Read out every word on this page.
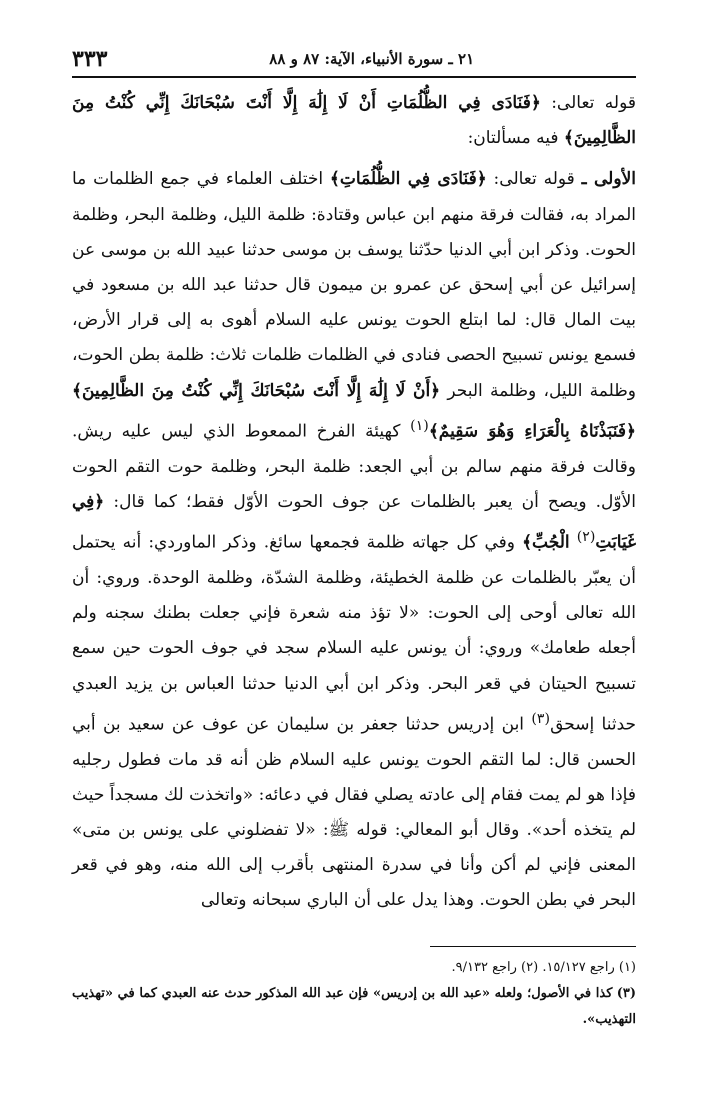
٢١ ـ سورة الأنبياء، الآية: ٨٧ و ٨٨
٣٣٣

قوله تعالى: ﴿فَنَادَى فِي الظُّلُمَاتِ أَنْ لَا إِلَٰهَ إِلَّا أَنْتَ سُبْحَانَكَ إِنِّي كُنْتُ مِنَ الظَّالِمِينَ﴾ فيه مسألتان:

الأولى ـ قوله تعالى: ﴿فَنَادَى فِي الظُّلُمَاتِ﴾ اختلف العلماء في جمع الظلمات ما المراد به، فقالت فرقة منهم ابن عباس وقتادة: ظلمة الليل، وظلمة البحر، وظلمة الحوت. وذكر ابن أبي الدنيا حدّثنا يوسف بن موسى حدثنا عبيد الله بن موسى عن إسرائيل عن أبي إسحق عن عمرو بن ميمون قال حدثنا عبد الله بن مسعود في بيت المال قال: لما ابتلع الحوت يونس عليه السلام أهوى به إلى قرار الأرض، فسمع يونس تسبيح الحصى فنادى في الظلمات ظلمات ثلاث: ظلمة بطن الحوت، وظلمة الليل، وظلمة البحر ﴿أَنْ لَا إِلَٰهَ إِلَّا أَنْتَ سُبْحَانَكَ إِنِّي كُنْتُ مِنَ الظَّالِمِينَ﴾ ﴿فَنَبَذْنَاهُ بِالْعَرَاءِ وَهُوَ سَقِيمٌ﴾$^{(١)}$ كهيئة الفرخ الممعوط الذي ليس عليه ريش. وقالت فرقة منهم سالم بن أبي الجعد: ظلمة البحر، وظلمة حوت التقم الحوت الأوّل. ويصح أن يعبر بالظلمات عن جوف الحوت الأوّل فقط؛ كما قال: ﴿فِي غَيَابَتِ$^{(٢)}$ الْجُبِّ﴾ وفي كل جهاته ظلمة فجمعها سائغ. وذكر الماوردي: أنه يحتمل أن يعبّر بالظلمات عن ظلمة الخطيئة، وظلمة الشدّة، وظلمة الوحدة. وروي: أن الله تعالى أوحى إلى الحوت: «لا تؤذ منه شعرة فإني جعلت بطنك سجنه ولم أجعله طعامك» وروي: أن يونس عليه السلام سجد في جوف الحوت حين سمع تسبيح الحيتان في قعر البحر. وذكر ابن أبي الدنيا حدثنا العباس بن يزيد العبدي حدثنا إسحق$^{(٣)}$ ابن إدريس حدثنا جعفر بن سليمان عن عوف عن سعيد بن أبي الحسن قال: لما التقم الحوت يونس عليه السلام ظن أنه قد مات فطول رجليه فإذا هو لم يمت فقام إلى عادته يصلي فقال في دعائه: «واتخذت لك مسجداً حيث لم يتخذه أحد». وقال أبو المعالي: قوله ﷺ: «لا تفضلوني على يونس بن متى» المعنى فإني لم أكن وأنا في سدرة المنتهى بأقرب إلى الله منه، وهو في قعر البحر في بطن الحوت. وهذا يدل على أن الباري سبحانه وتعالى

(١) راجع ١٥/١٢٧. (٢) راجع ٩/١٣٢.

(٣) كذا في الأصول؛ ولعله «عبد الله بن إدريس» فإن عبد الله المذكور حدث عنه العبدي كما في «تهذيب التهذيب».
